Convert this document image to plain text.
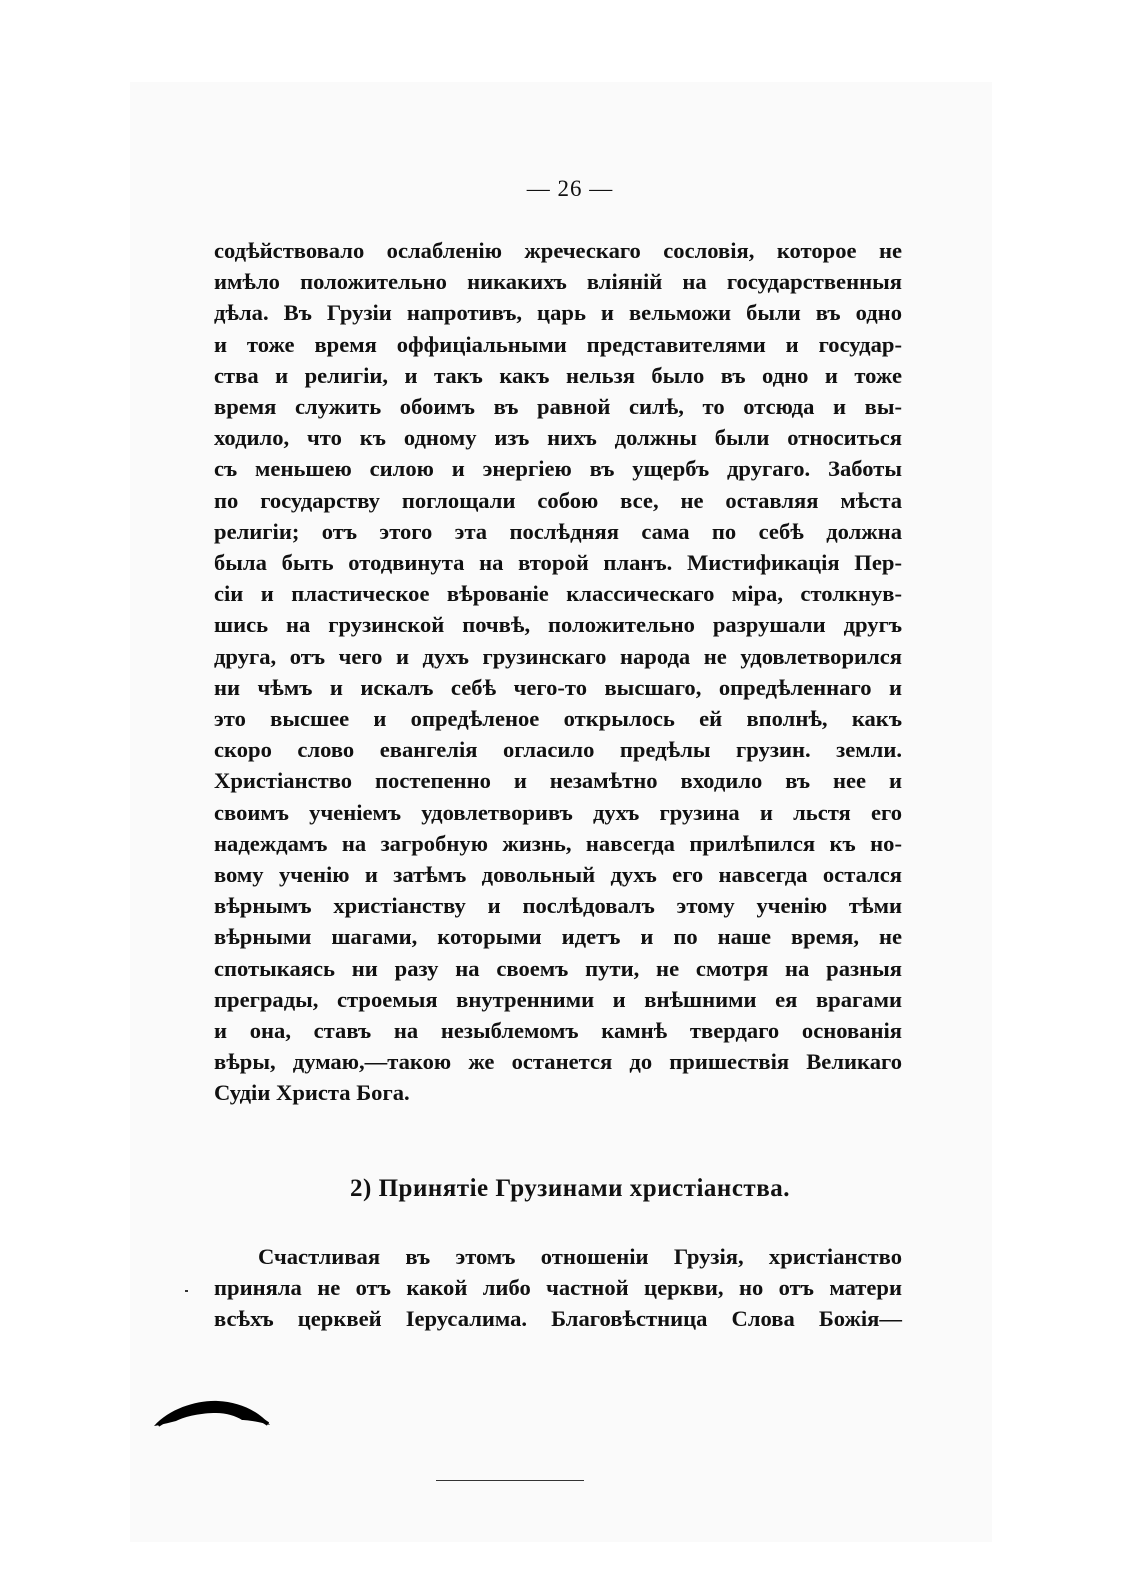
— 26 —
содѣйствовало ослабленію жреческаго сословія, которое не
имѣло положительно никакихъ вліяній на государственныя
дѣла. Въ Грузіи напротивъ, царь и вельможи были въ одно
и тоже время оффиціальными представителями и государ-
ства и религіи, и такъ какъ нельзя было въ одно и тоже
время служить обоимъ въ равной силѣ, то отсюда и вы-
ходило, что къ одному изъ нихъ должны были относиться
съ меньшею силою и энергіею въ ущербъ другаго. Заботы
по государству поглощали собою все, не оставляя мѣста
религіи; отъ этого эта послѣдняя сама по себѣ должна
была быть отодвинута на второй планъ. Мистификація Пер-
сіи и пластическое вѣрованіе классическаго міра, столкнув-
шись на грузинской почвѣ, положительно разрушали другъ
друга, отъ чего и духъ грузинскаго народа не удовлетворился
ни чѣмъ и искалъ себѣ чего-то высшаго, опредѣленнаго и
это высшее и опредѣленое открылось ей вполнѣ, какъ
скоро слово евангелія огласило предѣлы грузин. земли.
Христіанство постепенно и незамѣтно входило въ нее и
своимъ ученіемъ удовлетворивъ духъ грузина и льстя его
надеждамъ на загробную жизнь, навсегда прилѣпился къ но-
вому ученію и затѣмъ довольный духъ его навсегда остался
вѣрнымъ христіанству и послѣдовалъ этому ученію тѣми
вѣрными шагами, которыми идетъ и по наше время, не
спотыкаясь ни разу на своемъ пути, не смотря на разныя
преграды, строемыя внутренними и внѣшними ея врагами
и она, ставъ на незыблемомъ камнѣ твердаго основанія
вѣры, думаю,—такою же останется до пришествія Великаго
Судіи Христа Бога.
2) Принятіе Грузинами христіанства.
Счастливая въ этомъ отношеніи Грузія, христіанство
приняла не отъ какой либо частной церкви, но отъ матери
всѣхъ церквей Іерусалима. Благовѣстница Слова Божія—
